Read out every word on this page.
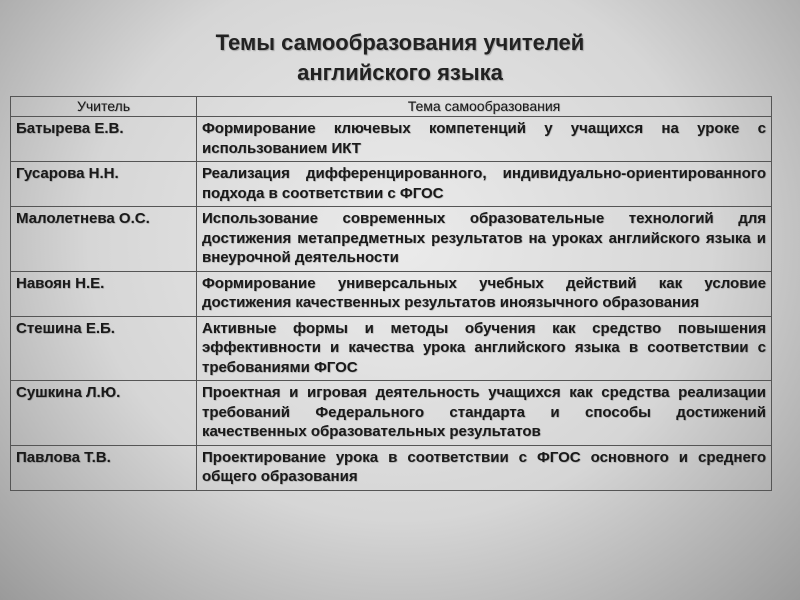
Темы самообразования учителей
английского языка
Учитель	Тема самообразования
Батырева Е.В.	Формирование ключевых компетенций у учащихся на уроке с использованием ИКТ
Гусарова Н.Н.	Реализация дифференцированного, индивидуально-ориентированного подхода в соответствии с ФГОС
Малолетнева О.С.	Использование современных образовательные технологий для достижения метапредметных результатов на уроках английского языка и внеурочной деятельности
Навоян Н.Е.	Формирование универсальных учебных действий как условие достижения качественных результатов иноязычного образования
Стешина Е.Б.	Активные формы и методы обучения как средство повышения эффективности и качества урока английского языка в соответствии с требованиями ФГОС
Сушкина Л.Ю.	Проектная и игровая деятельность учащихся как средства реализации требований Федерального стандарта и способы достижений качественных образовательных результатов
Павлова Т.В.	Проектирование урока в соответствии с ФГОС основного и среднего общего образования
